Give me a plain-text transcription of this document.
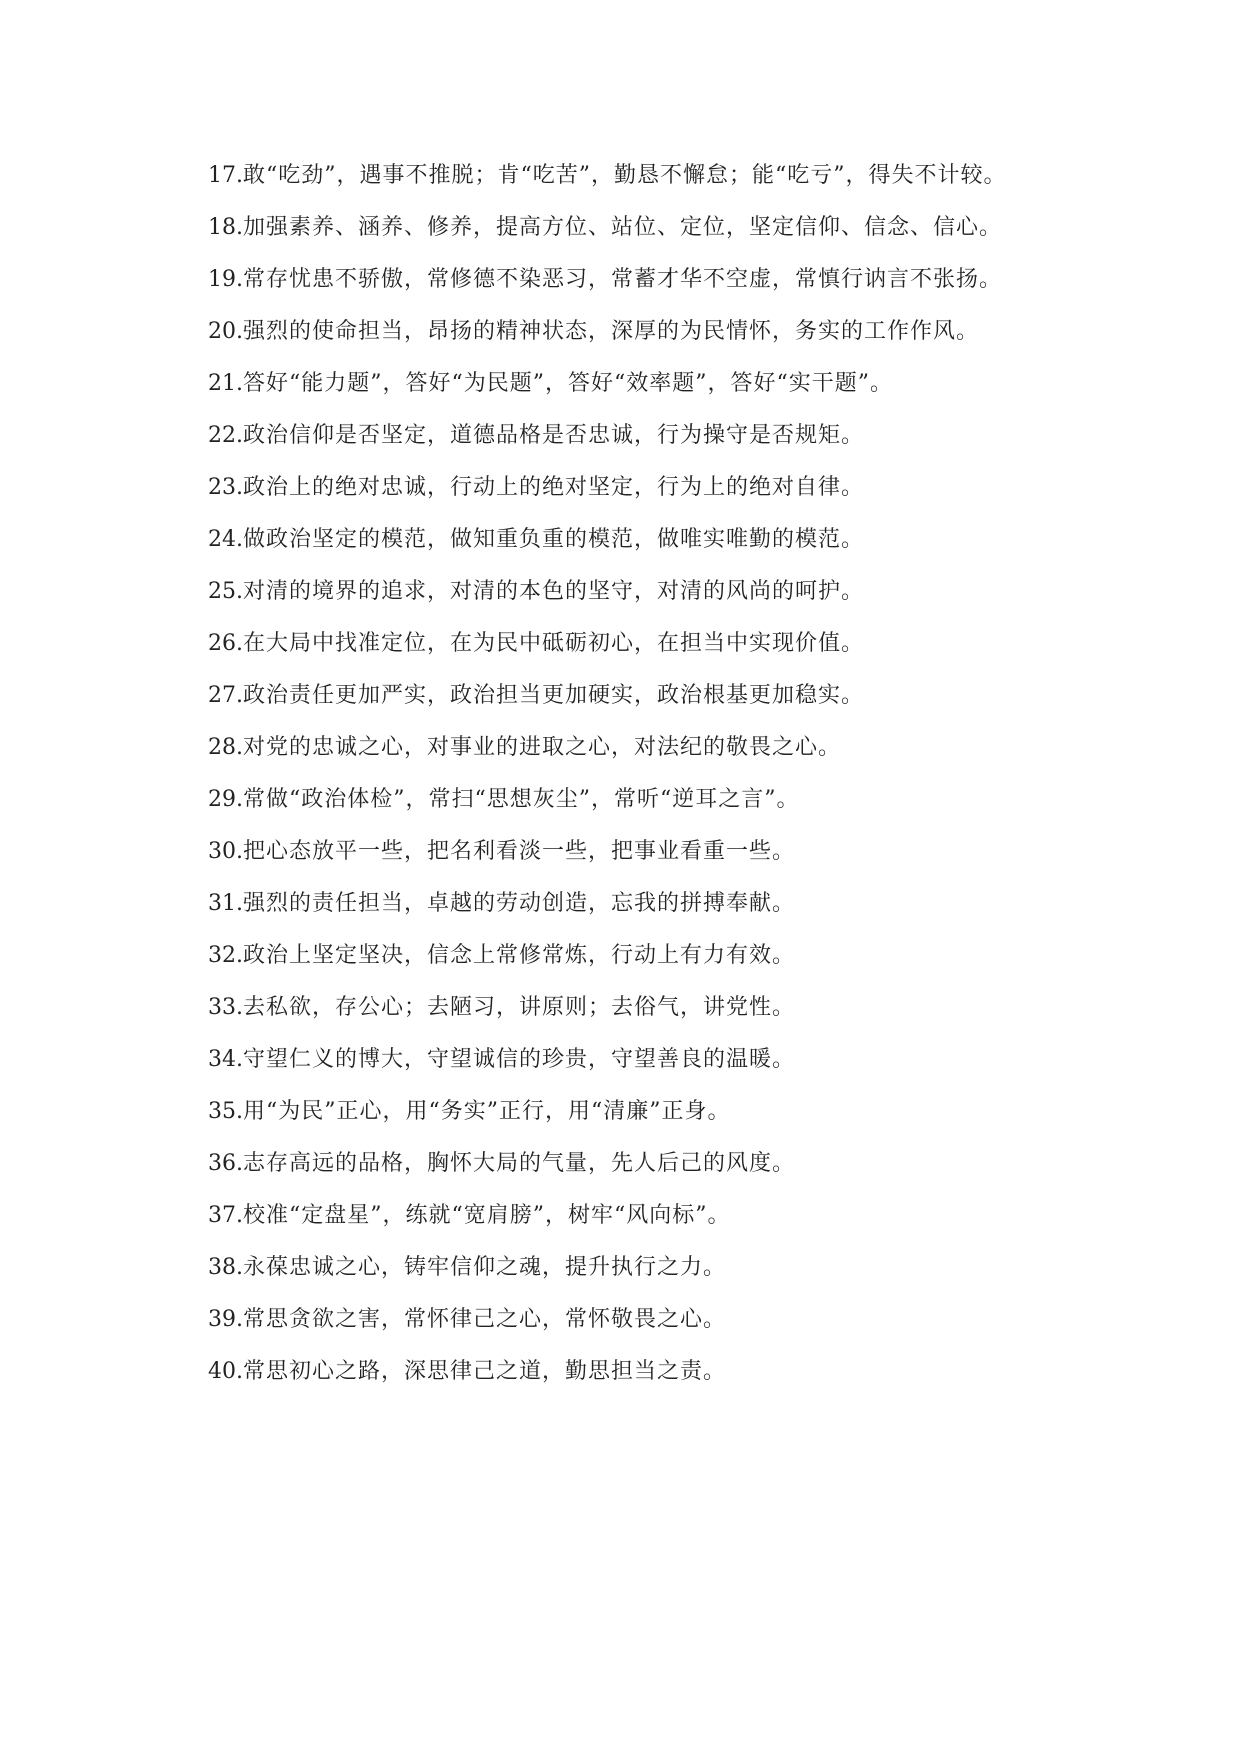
17.敢“吃劲”，遇事不推脱；肯“吃苦”，勤恳不懈怠；能“吃亏”，得失不计较。

18.加强素养、涵养、修养，提高方位、站位、定位，坚定信仰、信念、信心。

19.常存忧患不骄傲，常修德不染恶习，常蓄才华不空虚，常慎行讷言不张扬。

20.强烈的使命担当，昂扬的精神状态，深厚的为民情怀，务实的工作作风。

21.答好“能力题”，答好“为民题”，答好“效率题”，答好“实干题”。

22.政治信仰是否坚定，道德品格是否忠诚，行为操守是否规矩。

23.政治上的绝对忠诚，行动上的绝对坚定，行为上的绝对自律。

24.做政治坚定的模范，做知重负重的模范，做唯实唯勤的模范。

25.对清的境界的追求，对清的本色的坚守，对清的风尚的呵护。

26.在大局中找准定位，在为民中砥砺初心，在担当中实现价值。

27.政治责任更加严实，政治担当更加硬实，政治根基更加稳实。

28.对党的忠诚之心，对事业的进取之心，对法纪的敬畏之心。

29.常做“政治体检”，常扫“思想灰尘”，常听“逆耳之言”。

30.把心态放平一些，把名利看淡一些，把事业看重一些。

31.强烈的责任担当，卓越的劳动创造，忘我的拼搏奉献。

32.政治上坚定坚决，信念上常修常炼，行动上有力有效。

33.去私欲，存公心；去陋习，讲原则；去俗气，讲党性。

34.守望仁义的博大，守望诚信的珍贵，守望善良的温暖。

35.用“为民”正心，用“务实”正行，用“清廉”正身。

36.志存高远的品格，胸怀大局的气量，先人后己的风度。

37.校准“定盘星”，练就“宽肩膀”，树牢“风向标”。

38.永葆忠诚之心，铸牢信仰之魂，提升执行之力。

39.常思贪欲之害，常怀律己之心，常怀敬畏之心。

40.常思初心之路，深思律己之道，勤思担当之责。
